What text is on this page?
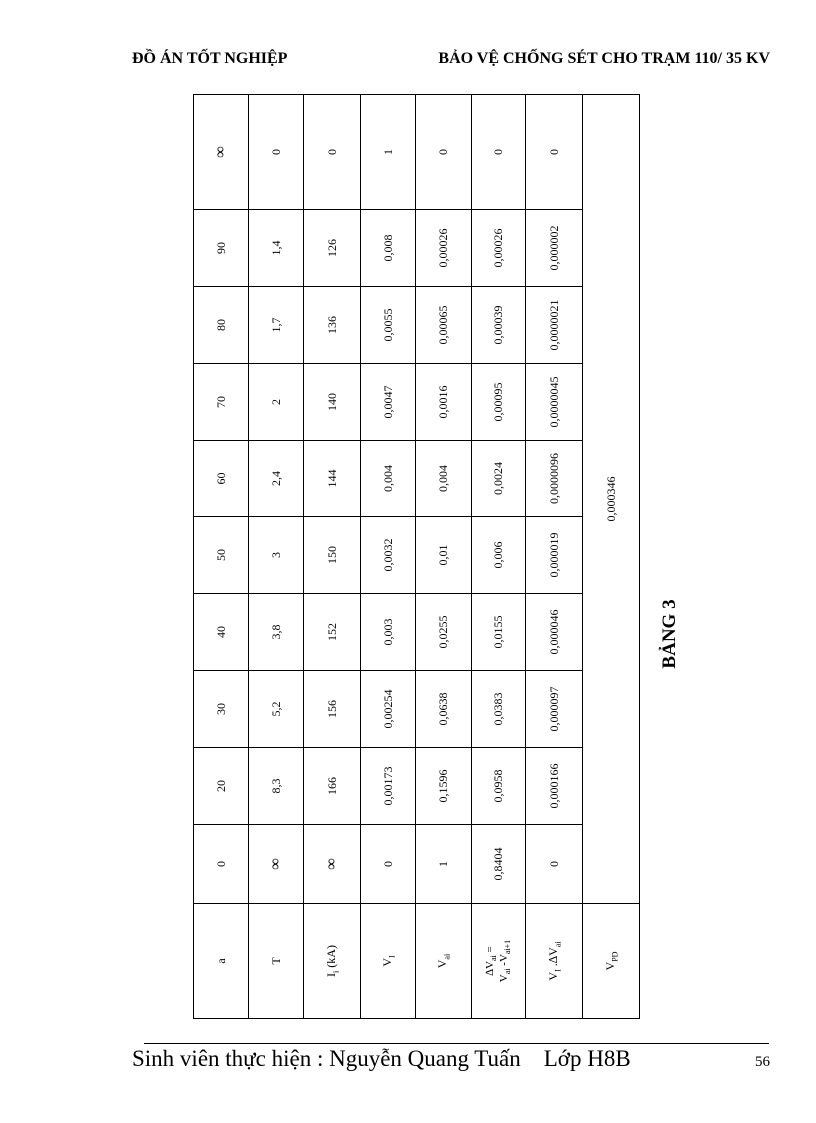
ĐỒ ÁN TỐT NGHIỆP	BẢO VỆ CHỐNG SÉT CHO TRẠM 110/ 35 KV
a	0	20	30	40	50	60	70	80	90	∞
T	∞	8,3	5,2	3,8	3	2,4	2	1,7	1,4	0
$I_i$ (kA)	∞	166	156	152	150	144	140	136	126	0
$V_I$	0	0,00173	0,00254	0,003	0,0032	0,004	0,0047	0,0055	0,008	1
$V_{ai}$	1	0,1596	0,0638	0,0255	0,01	0,004	0,0016	0,00065	0,00026	0
$\Delta V_{ai}$ =
$V_{ai}$ $-V_{ai+1}$	0,8404	0,0958	0,0383	0,0155	0,006	0,0024	0,00095	0,00039	0,00026	0
$V_I$ $.\Delta V_{ai}$	0	0,000166	0,000097	0,000046	0,000019	0,0000096	0,0000045	0,0000021	0,000002	0
$V_{PD}$	0,000346									
BẢNG 3
Sinh viên thực hiện : Nguyễn Quang Tuấn    Lớp H8B	56
